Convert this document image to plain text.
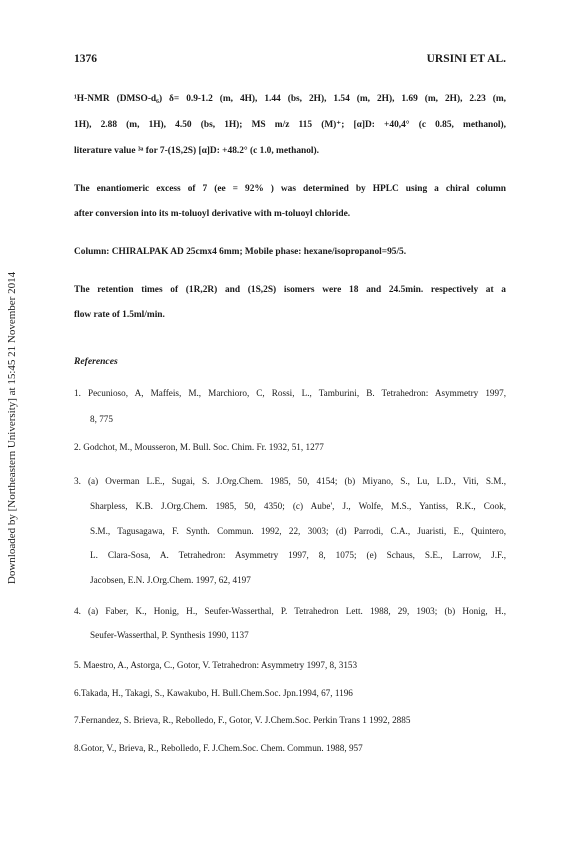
Downloaded by [Northeastern University] at 15:45 21 November 2014
1376	URSINI ET AL.
¹H-NMR (DMSO-d₆) δ= 0.9-1.2 (m, 4H), 1.44 (bs, 2H), 1.54 (m, 2H), 1.69 (m, 2H), 2.23 (m,
1H), 2.88 (m, 1H), 4.50 (bs, 1H); MS m/z 115 (M)⁺; [α]D: +40,4° (c 0.85, methanol),
literature value ³ᵃ for 7-(1S,2S) [α]D: +48.2° (c 1.0, methanol).
The enantiomeric excess of 7 (ee = 92% ) was determined by HPLC using a chiral column
after conversion into its m-toluoyl derivative with m-toluoyl chloride.
Column: CHIRALPAK AD 25cmx4 6mm; Mobile phase: hexane/isopropanol=95/5.
The retention times of (1R,2R) and (1S,2S) isomers were 18 and 24.5min. respectively at a
flow rate of 1.5ml/min.
References
1. Pecunioso, A, Maffeis, M., Marchioro, C, Rossi, L., Tamburini, B. Tetrahedron: Asymmetry 1997,
8, 775
2. Godchot, M., Mousseron, M. Bull. Soc. Chim. Fr. 1932, 51, 1277
3. (a) Overman L.E., Sugai, S. J.Org.Chem. 1985, 50, 4154; (b) Miyano, S., Lu, L.D., Viti, S.M.,
Sharpless, K.B. J.Org.Chem. 1985, 50, 4350; (c) Aube', J., Wolfe, M.S., Yantiss, R.K., Cook,
S.M., Tagusagawa, F. Synth. Commun. 1992, 22, 3003; (d) Parrodi, C.A., Juaristi, E., Quintero,
L. Clara-Sosa, A. Tetrahedron: Asymmetry 1997, 8, 1075; (e) Schaus, S.E., Larrow, J.F.,
Jacobsen, E.N. J.Org.Chem. 1997, 62, 4197
4. (a) Faber, K., Honig, H., Seufer-Wasserthal, P. Tetrahedron Lett. 1988, 29, 1903; (b) Honig, H.,
Seufer-Wasserthal, P. Synthesis 1990, 1137
5. Maestro, A., Astorga, C., Gotor, V. Tetrahedron: Asymmetry 1997, 8, 3153
6.Takada, H., Takagi, S., Kawakubo, H. Bull.Chem.Soc. Jpn.1994, 67, 1196
7.Fernandez, S. Brieva, R., Rebolledo, F., Gotor, V. J.Chem.Soc. Perkin Trans 1 1992, 2885
8.Gotor, V., Brieva, R., Rebolledo, F. J.Chem.Soc. Chem. Commun. 1988, 957
